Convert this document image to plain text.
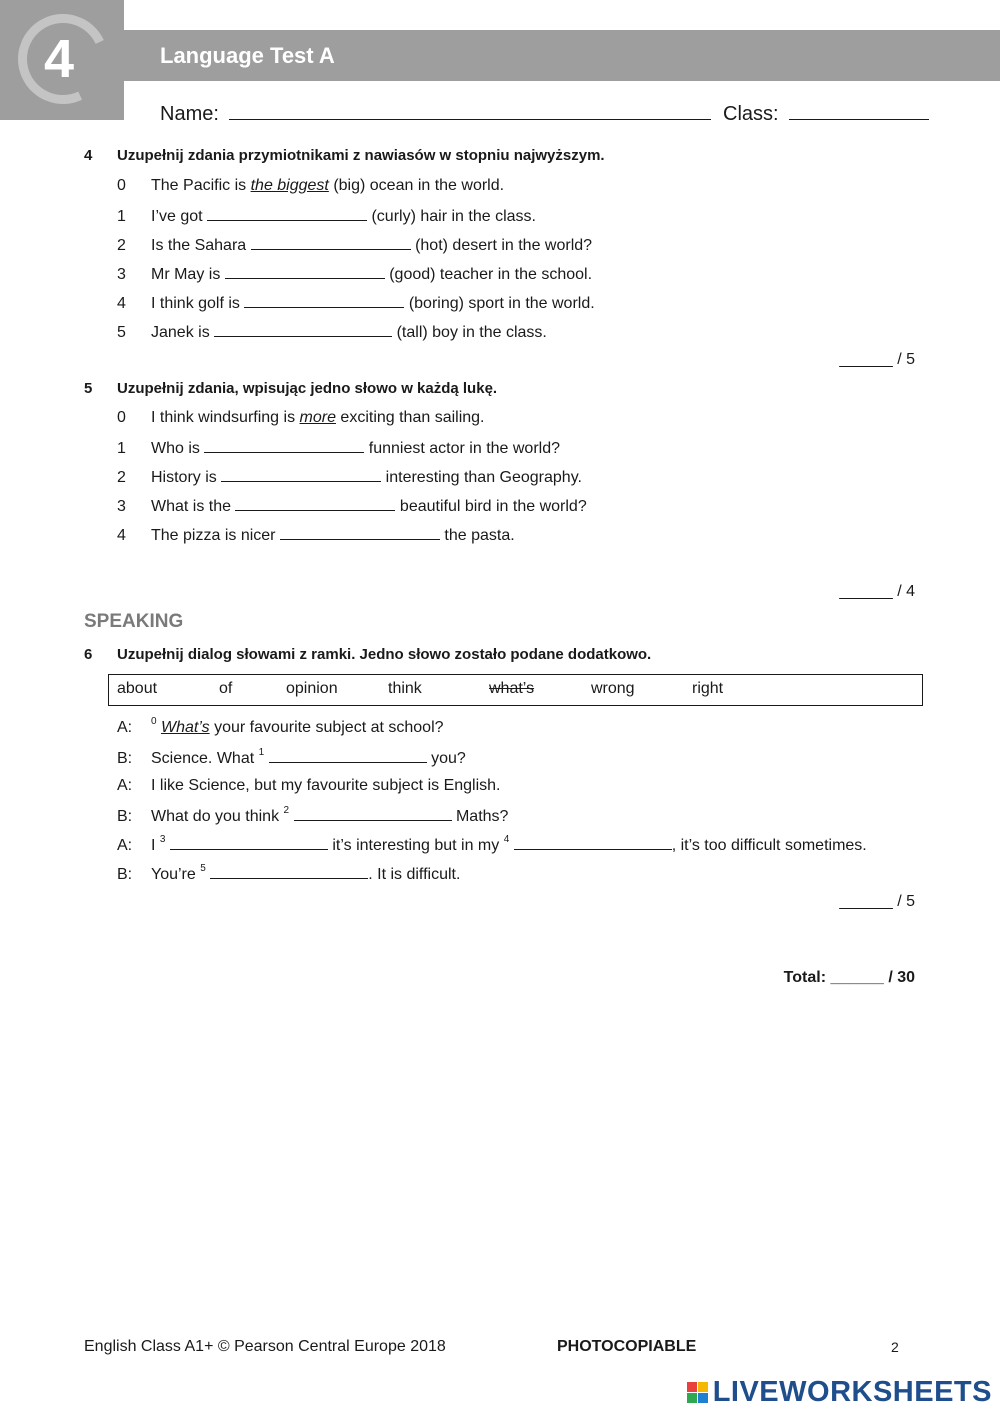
4	Language Test A
Name:	Class:
4 Uzupełnij zdania przymiotnikami z nawiasów w stopniu najwyższym.
0 The Pacific is the biggest (big) ocean in the world.
1 I’ve got	(curly) hair in the class.
2 Is the Sahara	(hot) desert in the world?
3 Mr May is	(good) teacher in the school.
4 I think golf is	(boring) sport in the world.
5 Janek is	(tall) boy in the class.
______ / 5
5 Uzupełnij zdania, wpisując jedno słowo w każdą lukę.
0 I think windsurfing is more exciting than sailing.
1 Who is	funniest actor in the world?
2 History is	interesting than Geography.
3 What is the	beautiful bird in the world?
4 The pizza is nicer	the pasta.
______ / 4
SPEAKING
6 Uzupełnij dialog słowami z ramki. Jedno słowo zostało podane dodatkowo.
about	of	opinion	think	what’s	wrong	right
A: $^0$ What’s your favourite subject at school?
B: Science. What $^1$	you?
A: I like Science, but my favourite subject is English.
B: What do you think $^2$	Maths?
A: I $^3$	it’s interesting but in my $^4$	, it’s too difficult sometimes.
B: You’re $^5$	. It is difficult.
______ / 5
Total: ______ / 30
English Class A1+ © Pearson Central Europe 2018	PHOTOCOPIABLE	2
LIVEWORKSHEETS
